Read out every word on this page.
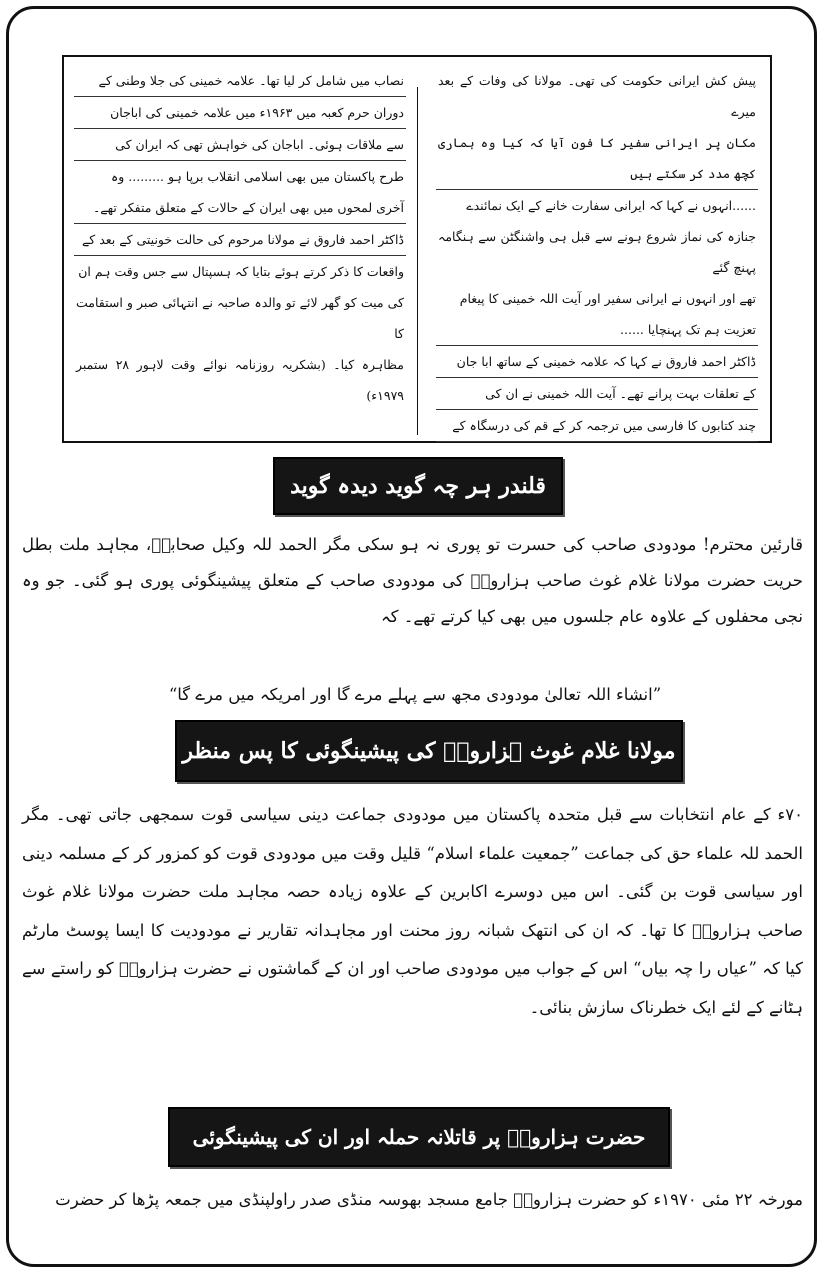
پیش کش ایرانی حکومت کی تھی۔ مولانا کی وفات کے بعد میرے

مکان پر ایرانی سفیر کا فون آیا کہ کیا وہ ہماری کچھ مدد کر سکتے ہیں

......انہوں نے کہا کہ ایرانی سفارت خانے کے ایک نمائندے

جنازہ کی نماز شروع ہونے سے قبل ہی واشنگٹن سے ہنگامہ پہنچ گئے

تھے اور انہوں نے ایرانی سفیر اور آیت اللہ خمینی کا پیغام

تعزیت ہم تک پہنچایا ......

ڈاکٹر احمد فاروق نے کہا کہ علامہ خمینی کے ساتھ ابا جان

کے تعلقات بہت پرانے تھے۔ آیت اللہ خمینی نے ان کی

چند کتابوں کا فارسی میں ترجمہ کر کے قم کی درسگاہ کے

نصاب میں شامل کر لیا تھا۔ علامہ خمینی کی جلا وطنی کے

دوران حرم کعبہ میں ۱۹۶۳ء میں علامہ خمینی کی اباجان

سے ملاقات ہوئی۔ اباجان کی خواہش تھی کہ ایران کی

طرح پاکستان میں بھی اسلامی انقلاب برپا ہو ......... وہ

آخری لمحوں میں بھی ایران کے حالات کے متعلق متفکر تھے۔

ڈاکٹر احمد فاروق نے مولانا مرحوم کی حالت خونیتی کے بعد کے

واقعات کا ذکر کرتے ہوئے بتایا کہ ہسپتال سے جس وقت ہم ان

کی میت کو گھر لائے تو والدہ صاحبہ نے انتہائی صبر و استقامت کا

مظاہرہ کیا۔ (بشکریہ روزنامہ نوائے وقت لاہور ۲۸ ستمبر ۱۹۷۹ء)

قلندر ہر چہ گوید دیدہ گوید
قارئین محترم! مودودی صاحب کی حسرت تو پوری نہ ہو سکی مگر الحمد للہ وکیل صحابہؓ، مجاہد ملت بطل حریت حضرت مولانا غلام غوث صاحب ہزارویؒ کی مودودی صاحب کے متعلق پیشینگوئی پوری ہو گئی۔ جو وہ نجی محفلوں کے علاوہ عام جلسوں میں بھی کیا کرتے تھے۔ کہ
”انشاء اللہ تعالیٰ مودودی مجھ سے پہلے مرے گا اور امریکہ میں مرے گا“
مولانا غلام غوث ہزارویؒ کی پیشینگوئی کا پس منظر
۷۰ء کے عام انتخابات سے قبل متحدہ پاکستان میں مودودی جماعت دینی سیاسی قوت سمجھی جاتی تھی۔ مگر الحمد للہ علماء حق کی جماعت ”جمعیت علماء اسلام“ قلیل وقت میں مودودی قوت کو کمزور کر کے مسلمہ دینی اور سیاسی قوت بن گئی۔ اس میں دوسرے اکابرین کے علاوہ زیادہ حصہ مجاہد ملت حضرت مولانا غلام غوث صاحب ہزارویؒ کا تھا۔ کہ ان کی انتھک شبانہ روز محنت اور مجاہدانہ تقاریر نے مودودیت کا ایسا پوسٹ مارٹم کیا کہ ”عیاں را چہ بیاں“ اس کے جواب میں مودودی صاحب اور ان کے گماشتوں نے حضرت ہزارویؒ کو راستے سے ہٹانے کے لئے ایک خطرناک سازش بنائی۔
حضرت ہزارویؒ پر قاتلانہ حملہ اور ان کی پیشینگوئی
مورخہ ۲۲ مئی ۱۹۷۰ء کو حضرت ہزارویؒ جامع مسجد بھوسہ منڈی صدر راولپنڈی میں جمعہ پڑھا کر حضرت
